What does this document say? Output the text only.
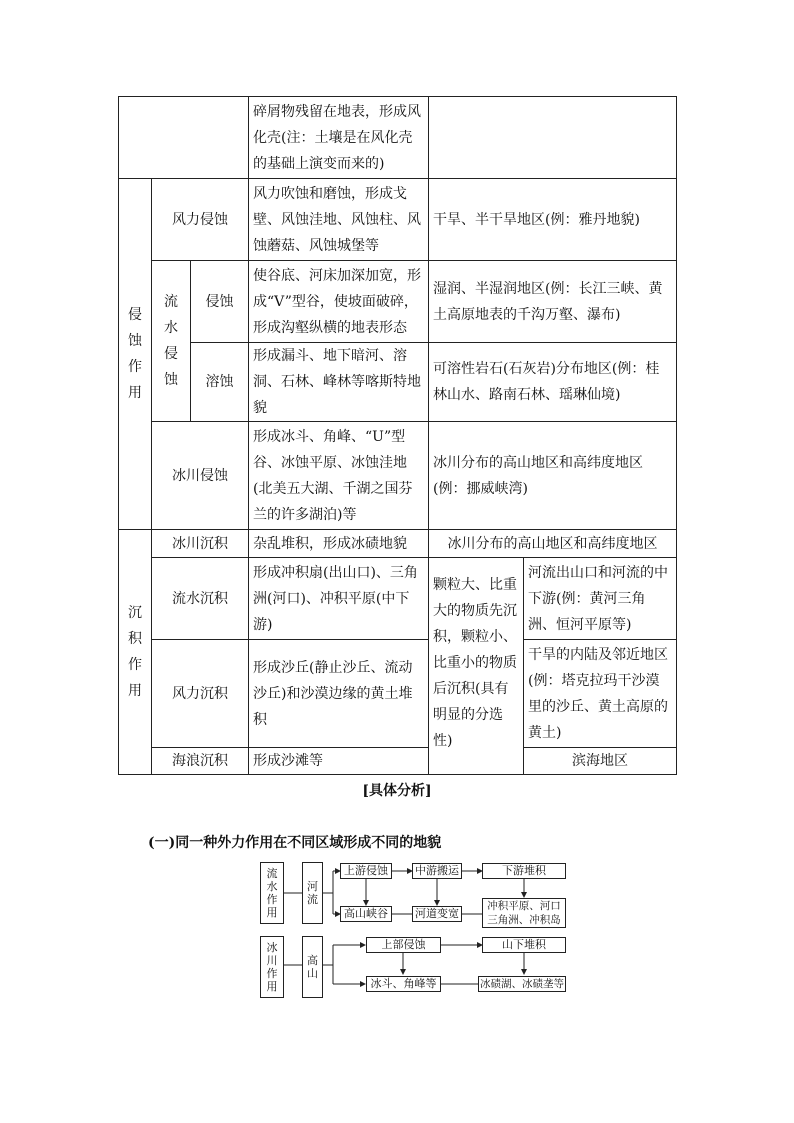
			碎屑物残留在地表，形成风化壳(注：土壤是在风化壳的基础上演变而来的)		
侵蚀作用	风力侵蚀		风力吹蚀和磨蚀，形成戈壁、风蚀洼地、风蚀柱、风蚀蘑菇、风蚀城堡等	干旱、半干旱地区(例：雅丹地貌)	
	流水侵蚀	侵蚀	使谷底、河床加深加宽，形成“V”型谷，使坡面破碎，形成沟壑纵横的地表形态	湿润、半湿润地区(例：长江三峡、黄土高原地表的千沟万壑、瀑布)	
		溶蚀	形成漏斗、地下暗河、溶洞、石林、峰林等喀斯特地貌	可溶性岩石(石灰岩)分布地区(例：桂林山水、路南石林、瑶琳仙境)	
	冰川侵蚀		形成冰斗、角峰、“U”型谷、冰蚀平原、冰蚀洼地(北美五大湖、千湖之国芬兰的许多湖泊)等	冰川分布的高山地区和高纬度地区(例：挪威峡湾)	
沉积作用	冰川沉积		杂乱堆积，形成冰碛地貌	冰川分布的高山地区和高纬度地区	
	流水沉积		形成冲积扇(出山口)、三角洲(河口)、冲积平原(中下游)	颗粒大、比重大的物质先沉积，颗粒小、比重小的物质后沉积(具有明显的分选性)	河流出山口和河流的中下游(例：黄河三角洲、恒河平原等)
	风力沉积		形成沙丘(静止沙丘、流动沙丘)和沙漠边缘的黄土堆积		干旱的内陆及邻近地区(例：塔克拉玛干沙漠里的沙丘、黄土高原的黄土)
	海浪沉积		形成沙滩等		滨海地区
[具体分析]
(一)同一种外力作用在不同区域形成不同的地貌
流水作用
河流
上游侵蚀	中游搬运	下游堆积
高山峡谷	河道变宽
冲积平原、河口三角洲、冲积岛
冰川作用
高山
上部侵蚀	山下堆积
冰斗、角峰等	冰碛湖、冰碛垄等
